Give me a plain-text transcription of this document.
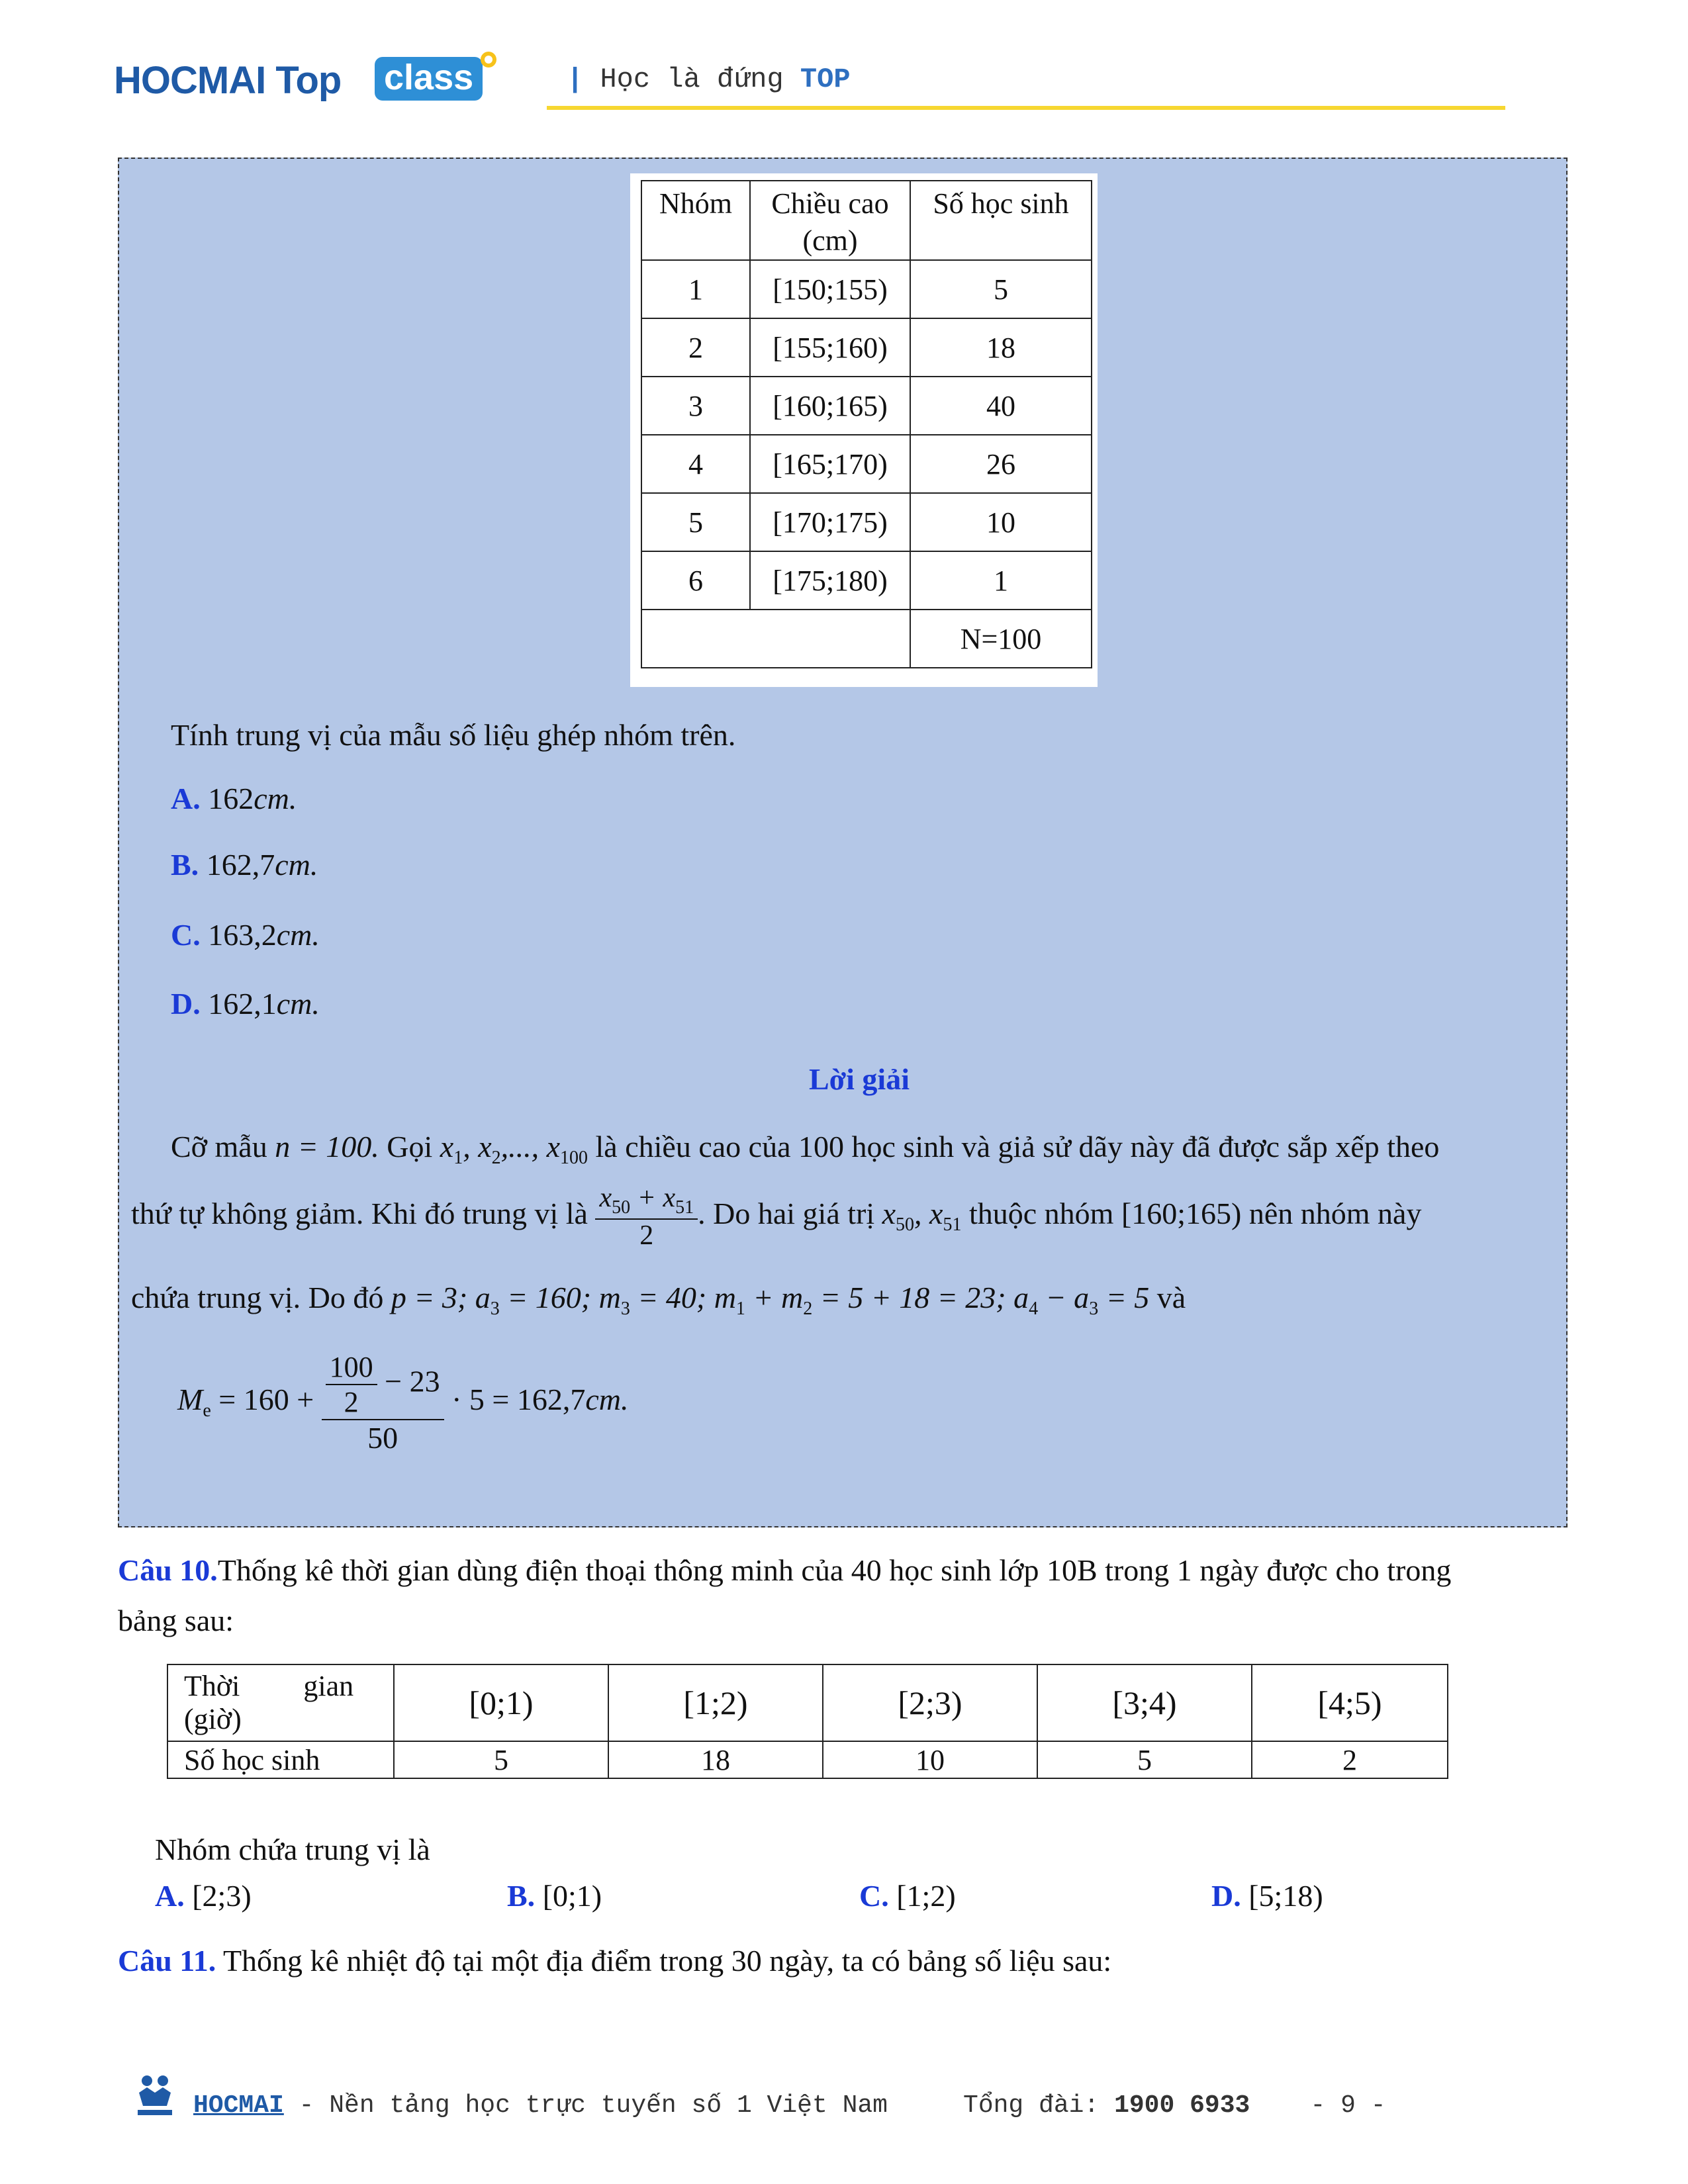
HOCMAI Top class	| Học là đứng TOP
Nhóm	Chiều cao (cm)	Số học sinh
1	[150;155)	5
2	[155;160)	18
3	[160;165)	40
4	[165;170)	26
5	[170;175)	10
6	[175;180)	1
		N=100
Tính trung vị của mẫu số liệu ghép nhóm trên.
A. 162cm.
B. 162,7cm.
C. 163,2cm.
D. 162,1cm.
Lời giải
Cỡ mẫu n = 100. Gọi $x_1$, $x_2$,..., $x_{100}$ là chiều cao của 100 học sinh và giả sử dãy này đã được sắp xếp theo
thứ tự không giảm. Khi đó trung vị là $\frac{x_{50} + x_{51}}{2}$ . Do hai giá trị $x_{50}$, $x_{51}$ thuộc nhóm [160;165) nên nhóm này
chứa trung vị. Do đó p = 3; $a_3 = 160$; $m_3 = 40$; $m_1 + m_2 = 5 + 18 = 23$; $a_4 - a_3 = 5$ và
$M_e = 160 + \frac{\frac{100}{2} - 23}{50} \cdot 5 = 162,7cm$.
Câu 10.Thống kê thời gian dùng điện thoại thông minh của 40 học sinh lớp 10B trong 1 ngày được cho trong
bảng sau:
Thời gian
(giờ)	[0;1)	[1;2)	[2;3)	[3;4)	[4;5)
Số học sinh	5	18	10	5	2
Nhóm chứa trung vị là
A. [2;3)	B. [0;1)	C. [1;2)	D. [5;18)
Câu 11. Thống kê nhiệt độ tại một địa điểm trong 30 ngày, ta có bảng số liệu sau:
HOCMAI - Nền tảng học trực tuyến số 1 Việt Nam	Tổng đài: 1900 6933 - 9 -
